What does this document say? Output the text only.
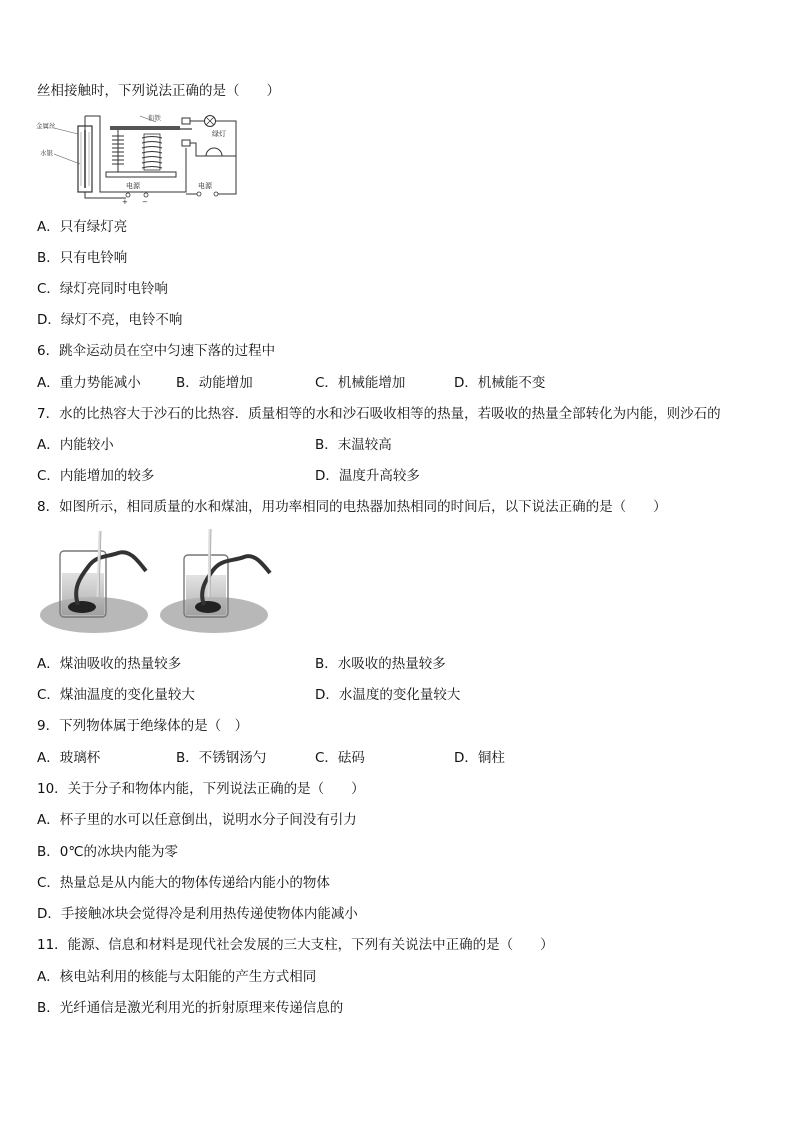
丝相接触时，下列说法正确的是（　　）
金属丝
水银
电源
+ −
衔铁
绿灯
电源
A．只有绿灯亮
B．只有电铃响
C．绿灯亮同时电铃响
D．绿灯不亮，电铃不响
6．跳伞运动员在空中匀速下落的过程中
A．重力势能减小	B．动能增加	C．机械能增加	D．机械能不变
7．水的比热容大于沙石的比热容．质量相等的水和沙石吸收相等的热量，若吸收的热量全部转化为内能，则沙石的
A．内能较小	B．末温较高
C．内能增加的较多	D．温度升高较多
8．如图所示，相同质量的水和煤油，用功率相同的电热器加热相同的时间后，以下说法正确的是（　　）
A．煤油吸收的热量较多	B．水吸收的热量较多
C．煤油温度的变化量较大	D．水温度的变化量较大
9．下列物体属于绝缘体的是（　）
A．玻璃杯	B．不锈钢汤勺	C．砝码	D．铜柱
10．关于分子和物体内能，下列说法正确的是（　　）
A．杯子里的水可以任意倒出，说明水分子间没有引力
B．0℃的冰块内能为零
C．热量总是从内能大的物体传递给内能小的物体
D．手接触冰块会觉得冷是利用热传递使物体内能减小
11．能源、信息和材料是现代社会发展的三大支柱，下列有关说法中正确的是（　　）
A．核电站利用的核能与太阳能的产生方式相同
B．光纤通信是激光利用光的折射原理来传递信息的
